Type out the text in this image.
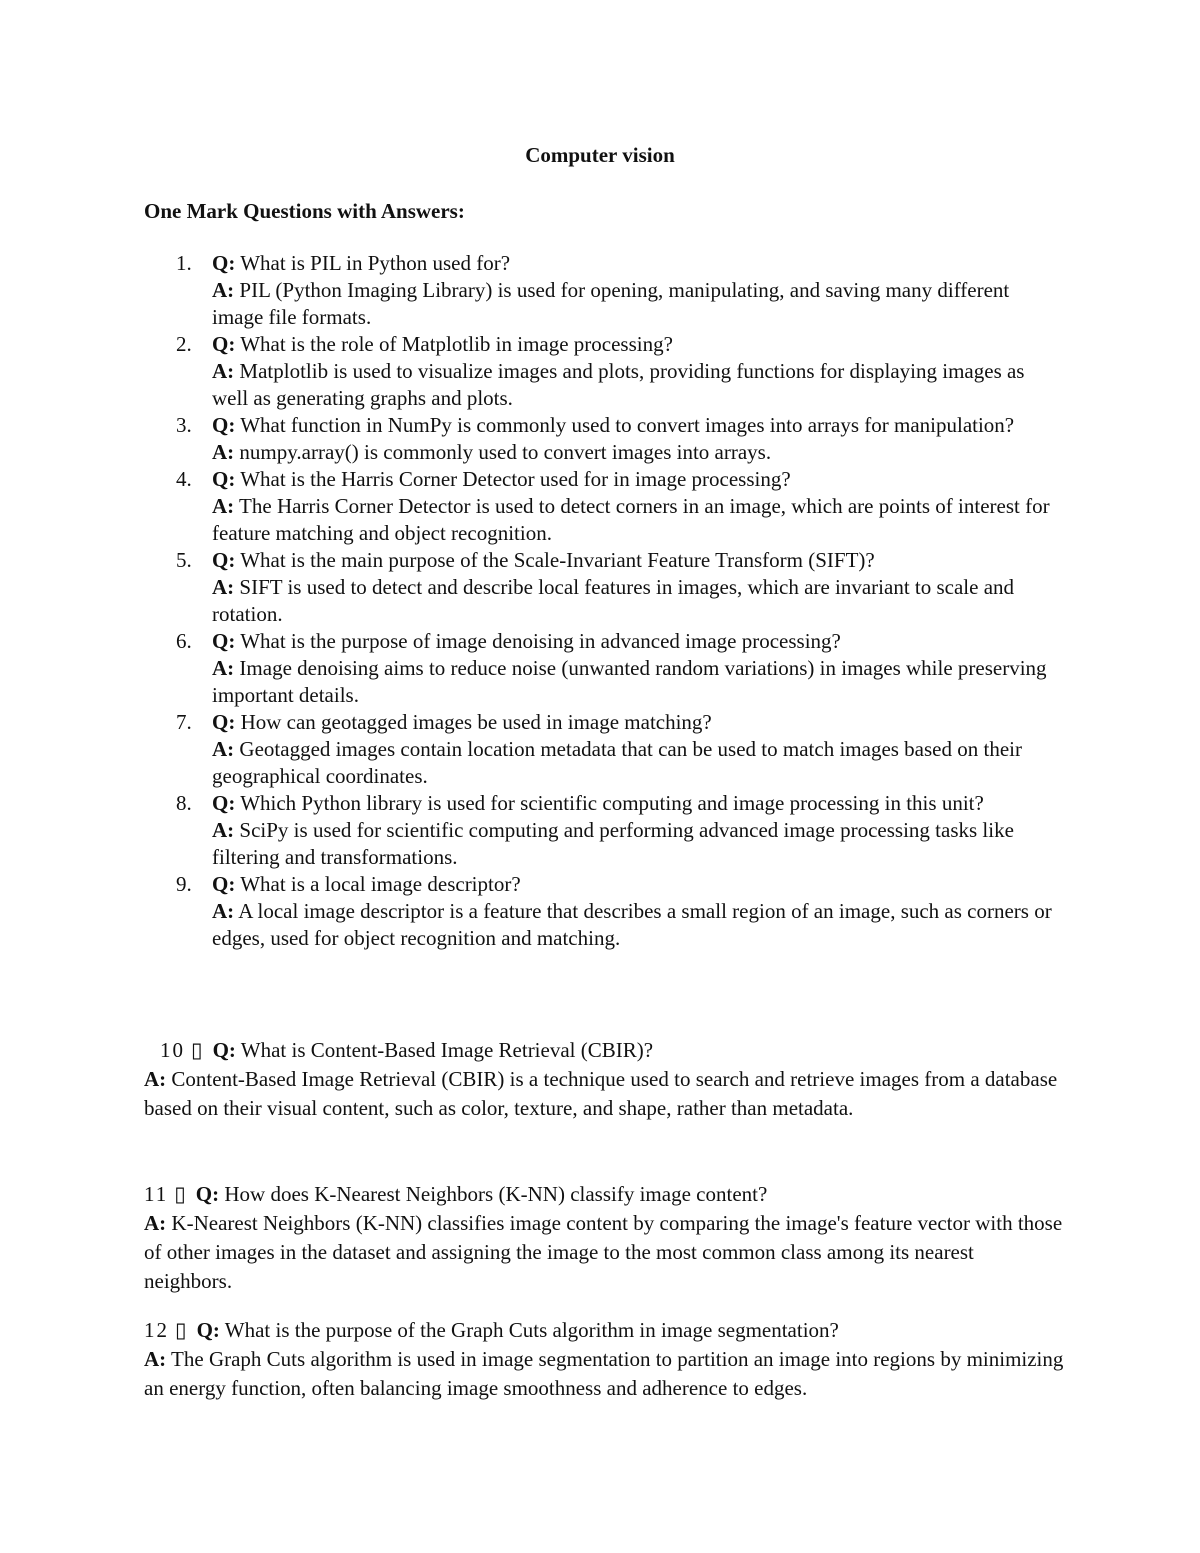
Computer vision
One Mark Questions with Answers:
1. Q: What is PIL in Python used for?
A: PIL (Python Imaging Library) is used for opening, manipulating, and saving many different image file formats.
2. Q: What is the role of Matplotlib in image processing?
A: Matplotlib is used to visualize images and plots, providing functions for displaying images as well as generating graphs and plots.
3. Q: What function in NumPy is commonly used to convert images into arrays for manipulation?
A: numpy.array() is commonly used to convert images into arrays.
4. Q: What is the Harris Corner Detector used for in image processing?
A: The Harris Corner Detector is used to detect corners in an image, which are points of interest for feature matching and object recognition.
5. Q: What is the main purpose of the Scale-Invariant Feature Transform (SIFT)?
A: SIFT is used to detect and describe local features in images, which are invariant to scale and rotation.
6. Q: What is the purpose of image denoising in advanced image processing?
A: Image denoising aims to reduce noise (unwanted random variations) in images while preserving important details.
7. Q: How can geotagged images be used in image matching?
A: Geotagged images contain location metadata that can be used to match images based on their geographical coordinates.
8. Q: Which Python library is used for scientific computing and image processing in this unit?
A: SciPy is used for scientific computing and performing advanced image processing tasks like filtering and transformations.
9. Q: What is a local image descriptor?
A: A local image descriptor is a feature that describes a small region of an image, such as corners or edges, used for object recognition and matching.
10 ▯ Q: What is Content-Based Image Retrieval (CBIR)?
A: Content-Based Image Retrieval (CBIR) is a technique used to search and retrieve images from a database based on their visual content, such as color, texture, and shape, rather than metadata.
11 ▯ Q: How does K-Nearest Neighbors (K-NN) classify image content?
A: K-Nearest Neighbors (K-NN) classifies image content by comparing the image's feature vector with those of other images in the dataset and assigning the image to the most common class among its nearest neighbors.
12 ▯ Q: What is the purpose of the Graph Cuts algorithm in image segmentation?
A: The Graph Cuts algorithm is used in image segmentation to partition an image into regions by minimizing an energy function, often balancing image smoothness and adherence to edges.
